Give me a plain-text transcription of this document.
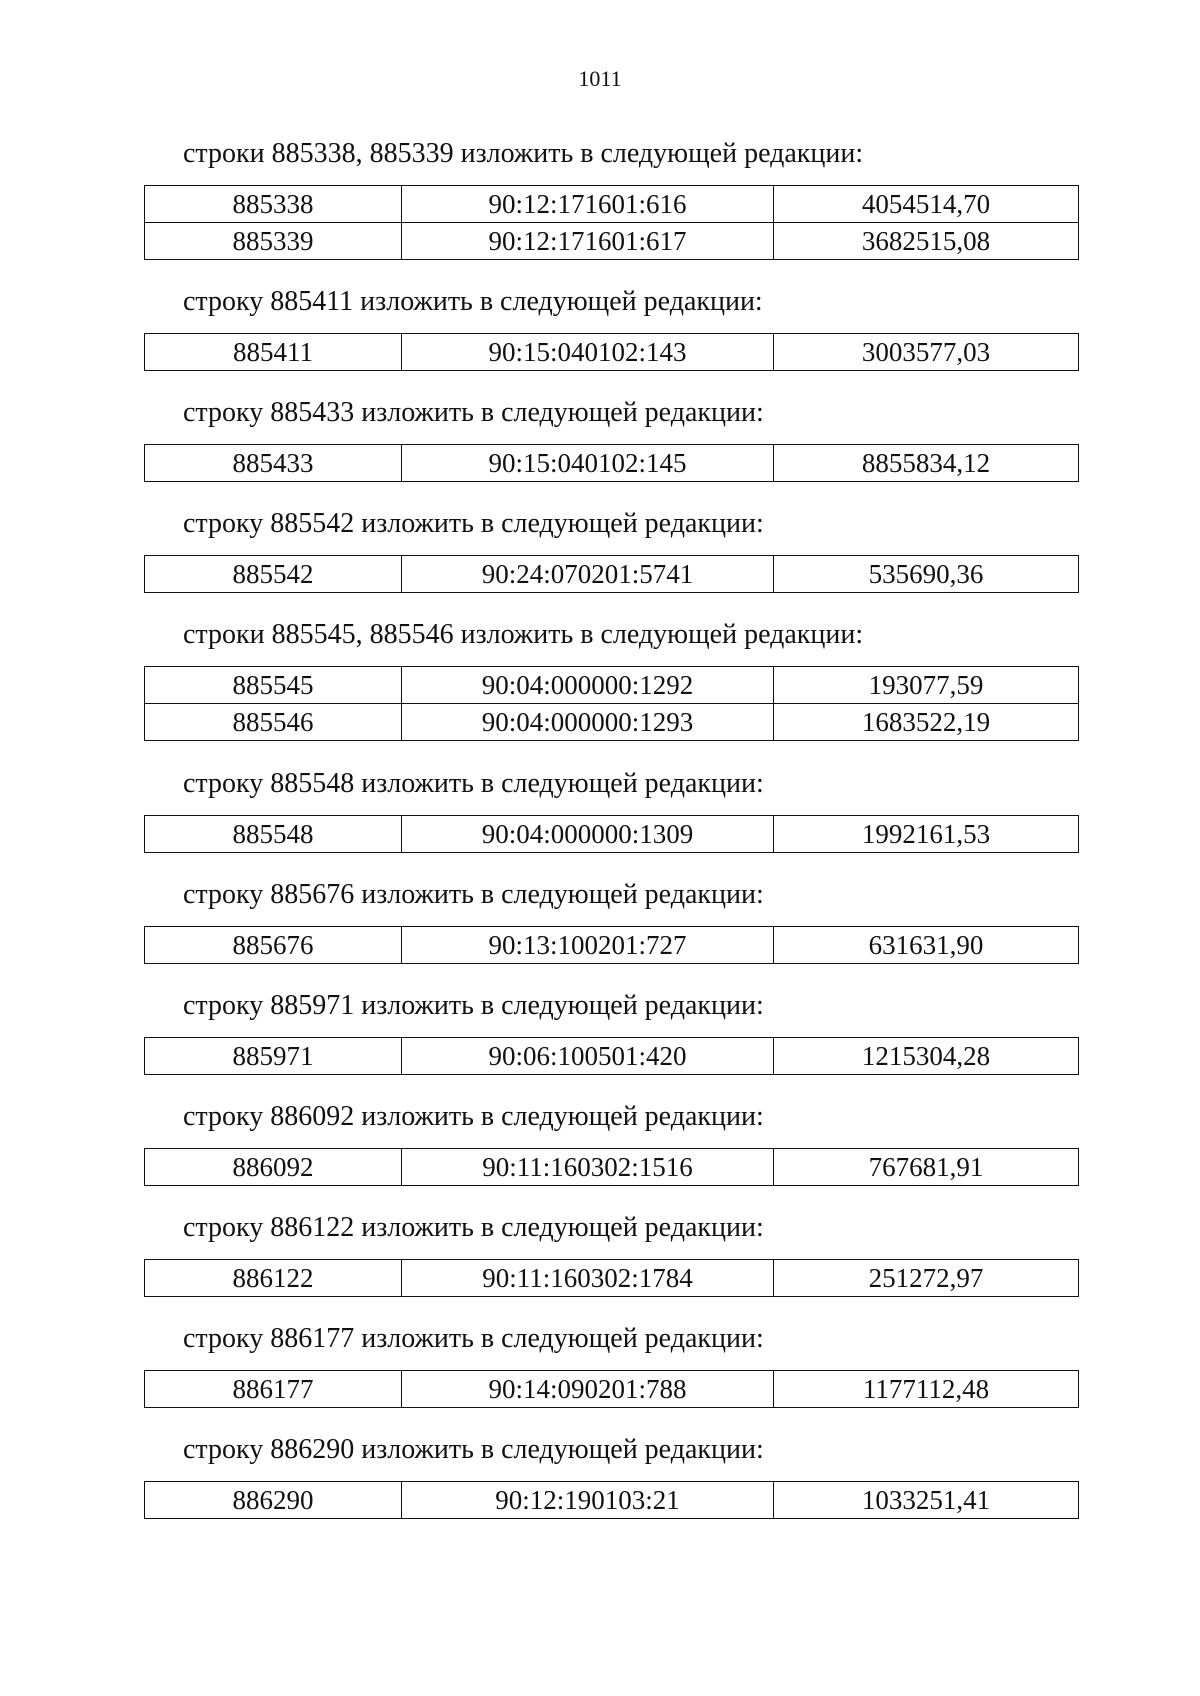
1011
строки 885338, 885339 изложить в следующей редакции:
885338	90:12:171601:616	4054514,70
885339	90:12:171601:617	3682515,08
строку 885411 изложить в следующей редакции:
885411	90:15:040102:143	3003577,03
строку 885433 изложить в следующей редакции:
885433	90:15:040102:145	8855834,12
строку 885542 изложить в следующей редакции:
885542	90:24:070201:5741	535690,36
строки 885545, 885546 изложить в следующей редакции:
885545	90:04:000000:1292	193077,59
885546	90:04:000000:1293	1683522,19
строку 885548 изложить в следующей редакции:
885548	90:04:000000:1309	1992161,53
строку 885676 изложить в следующей редакции:
885676	90:13:100201:727	631631,90
строку 885971 изложить в следующей редакции:
885971	90:06:100501:420	1215304,28
строку 886092 изложить в следующей редакции:
886092	90:11:160302:1516	767681,91
строку 886122 изложить в следующей редакции:
886122	90:11:160302:1784	251272,97
строку 886177 изложить в следующей редакции:
886177	90:14:090201:788	1177112,48
строку 886290 изложить в следующей редакции:
886290	90:12:190103:21	1033251,41
